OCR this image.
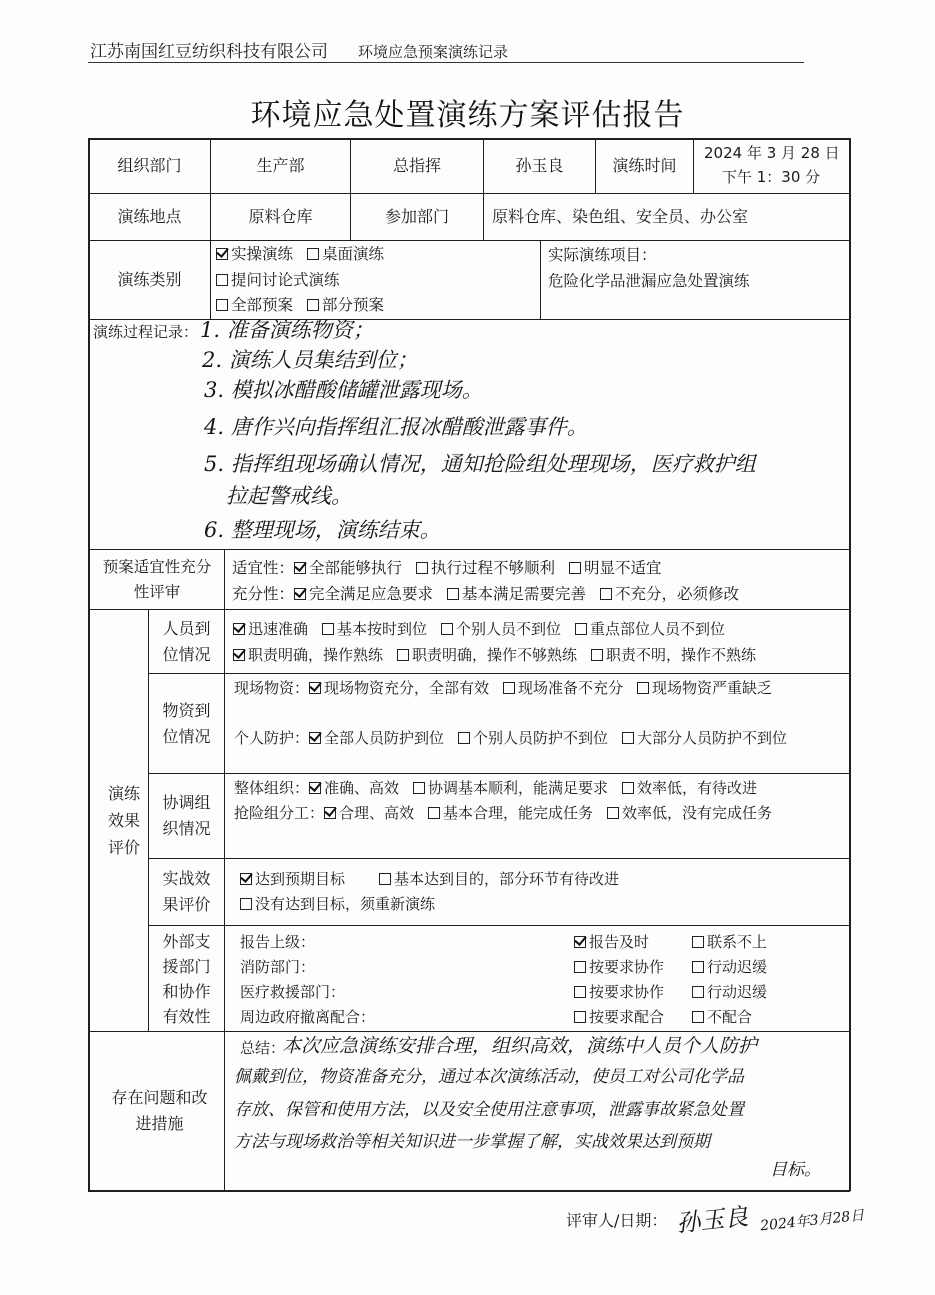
江苏南国红豆纺织科技有限公司 环境应急预案演练记录
环境应急处置演练方案评估报告
组织部门	生产部	总指挥	孙玉良	演练时间
2024 年 3 月 28 日
下午 1：30 分
演练地点	原料仓库	参加部门	原料仓库、染色组、安全员、办公室
演练类别
实操演练 桌面演练
提问讨论式演练
全部预案 部分预案
实际演练项目：
危险化学品泄漏应急处置演练
演练过程记录： 1. 准备演练物资；
2. 演练人员集结到位；
3. 模拟冰醋酸储罐泄露现场。
4. 唐作兴向指挥组汇报冰醋酸泄露事件。
5. 指挥组现场确认情况，通知抢险组处理现场，医疗救护组
拉起警戒线。
6. 整理现场，演练结束。
预案适宜性充分性评审
适宜性： 全部能够执行 执行过程不够顺利 明显不适宜
充分性： 完全满足应急要求 基本满足需要完善 不充分，必须修改
演练效果评价
人员到位情况
迅速准确 基本按时到位 个别人员不到位 重点部位人员不到位
职责明确，操作熟练 职责明确，操作不够熟练 职责不明，操作不熟练
物资到位情况
现场物资： 现场物资充分，全部有效 现场准备不充分 现场物资严重缺乏
个人防护： 全部人员防护到位 个别人员防护不到位 大部分人员防护不到位
协调组织情况
整体组织： 准确、高效 协调基本顺利，能满足要求 效率低，有待改进
抢险组分工： 合理、高效 基本合理，能完成任务 效率低，没有完成任务
实战效果评价
达到预期目标	基本达到目的，部分环节有待改进
没有达到目标，须重新演练
外部支援部门和协作有效性
报告上级：	报告及时	联系不上
消防部门：	按要求协作	行动迟缓
医疗救援部门：	按要求协作	行动迟缓
周边政府撤离配合：	按要求配合	不配合
存在问题和改进措施
总结：
本次应急演练安排合理，组织高效，演练中人员个人防护
佩戴到位，物资准备充分，通过本次演练活动，使员工对公司化学品
存放、保管和使用方法，以及安全使用注意事项，泄露事故紧急处置
方法与现场救治等相关知识进一步掌握了解，实战效果达到预期
目标。
评审人/日期： 孙玉良 2024年3月28日
